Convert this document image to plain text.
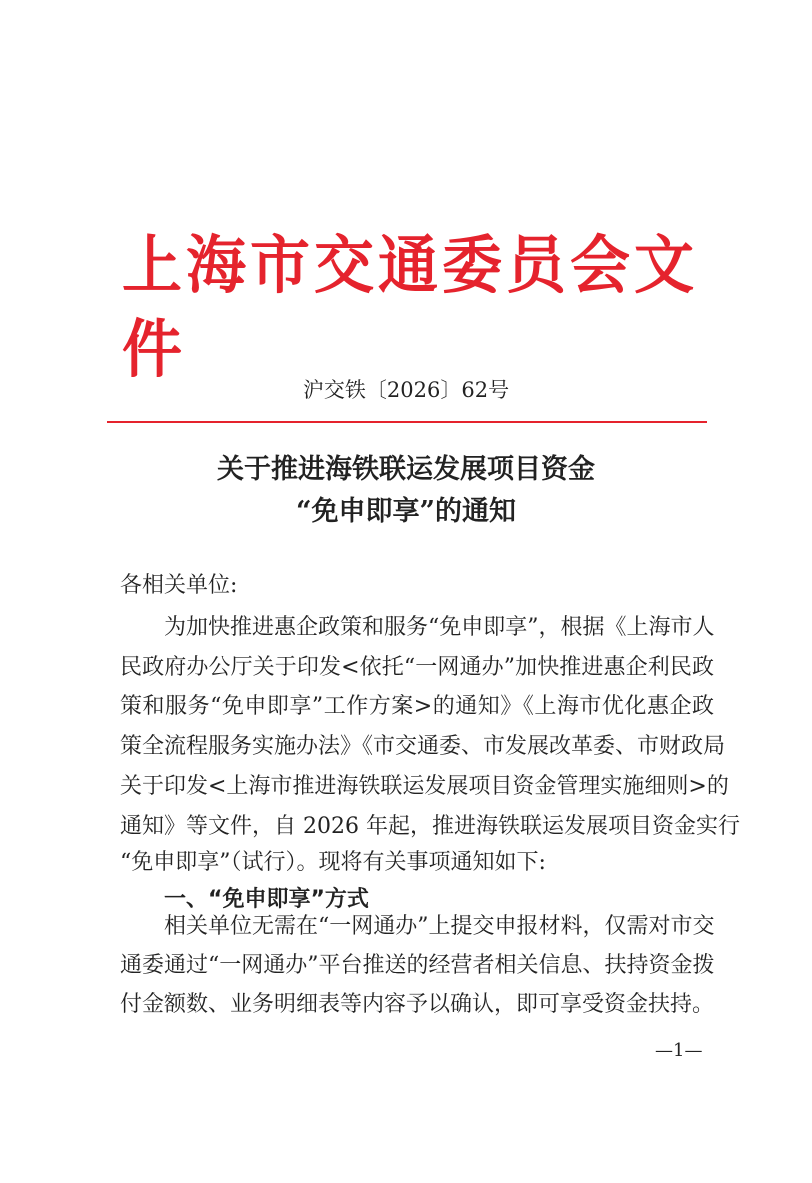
上海市交通委员会文件
沪交铁〔2026〕62号
关于推进海铁联运发展项目资金
“免申即享”的通知
各相关单位:
　　为加快推进惠企政策和服务“免申即享”，根据《上海市人
民政府办公厅关于印发<依托“一网通办”加快推进惠企利民政
策和服务“免申即享”工作方案>的通知》《上海市优化惠企政
策全流程服务实施办法》《市交通委、市发展改革委、市财政局
关于印发<上海市推进海铁联运发展项目资金管理实施细则>的
通知》等文件，自 2026 年起，推进海铁联运发展项目资金实行
“免申即享”（试行）。现将有关事项通知如下:
　　一、“免申即享”方式
　　相关单位无需在“一网通办”上提交申报材料，仅需对市交
通委通过“一网通办”平台推送的经营者相关信息、扶持资金拨
付金额数、业务明细表等内容予以确认，即可享受资金扶持。
—1—
